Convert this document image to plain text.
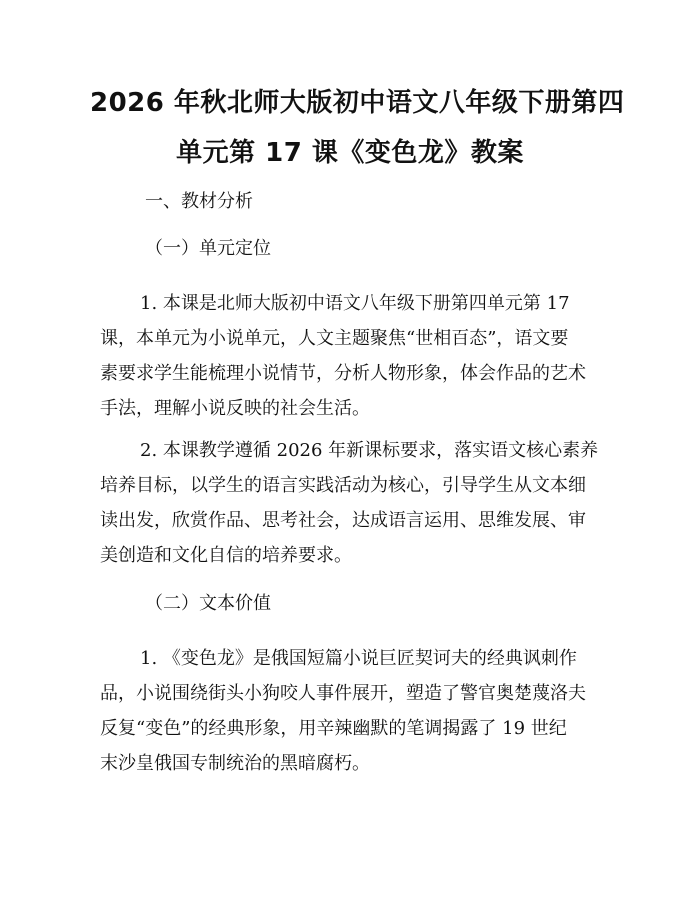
2026 年秋北师大版初中语文八年级下册第四
单元第 17 课《变色龙》教案
一、教材分析
（一）单元定位
1. 本课是北师大版初中语文八年级下册第四单元第 17
课，本单元为小说单元，人文主题聚焦“世相百态”，语文要
素要求学生能梳理小说情节，分析人物形象，体会作品的艺术
手法，理解小说反映的社会生活。
2. 本课教学遵循 2026 年新课标要求，落实语文核心素养
培养目标，以学生的语言实践活动为核心，引导学生从文本细
读出发，欣赏作品、思考社会，达成语言运用、思维发展、审
美创造和文化自信的培养要求。
（二）文本价值
1. 《变色龙》是俄国短篇小说巨匠契诃夫的经典讽刺作
品，小说围绕街头小狗咬人事件展开，塑造了警官奥楚蔑洛夫
反复“变色”的经典形象，用辛辣幽默的笔调揭露了 19 世纪
末沙皇俄国专制统治的黑暗腐朽。
